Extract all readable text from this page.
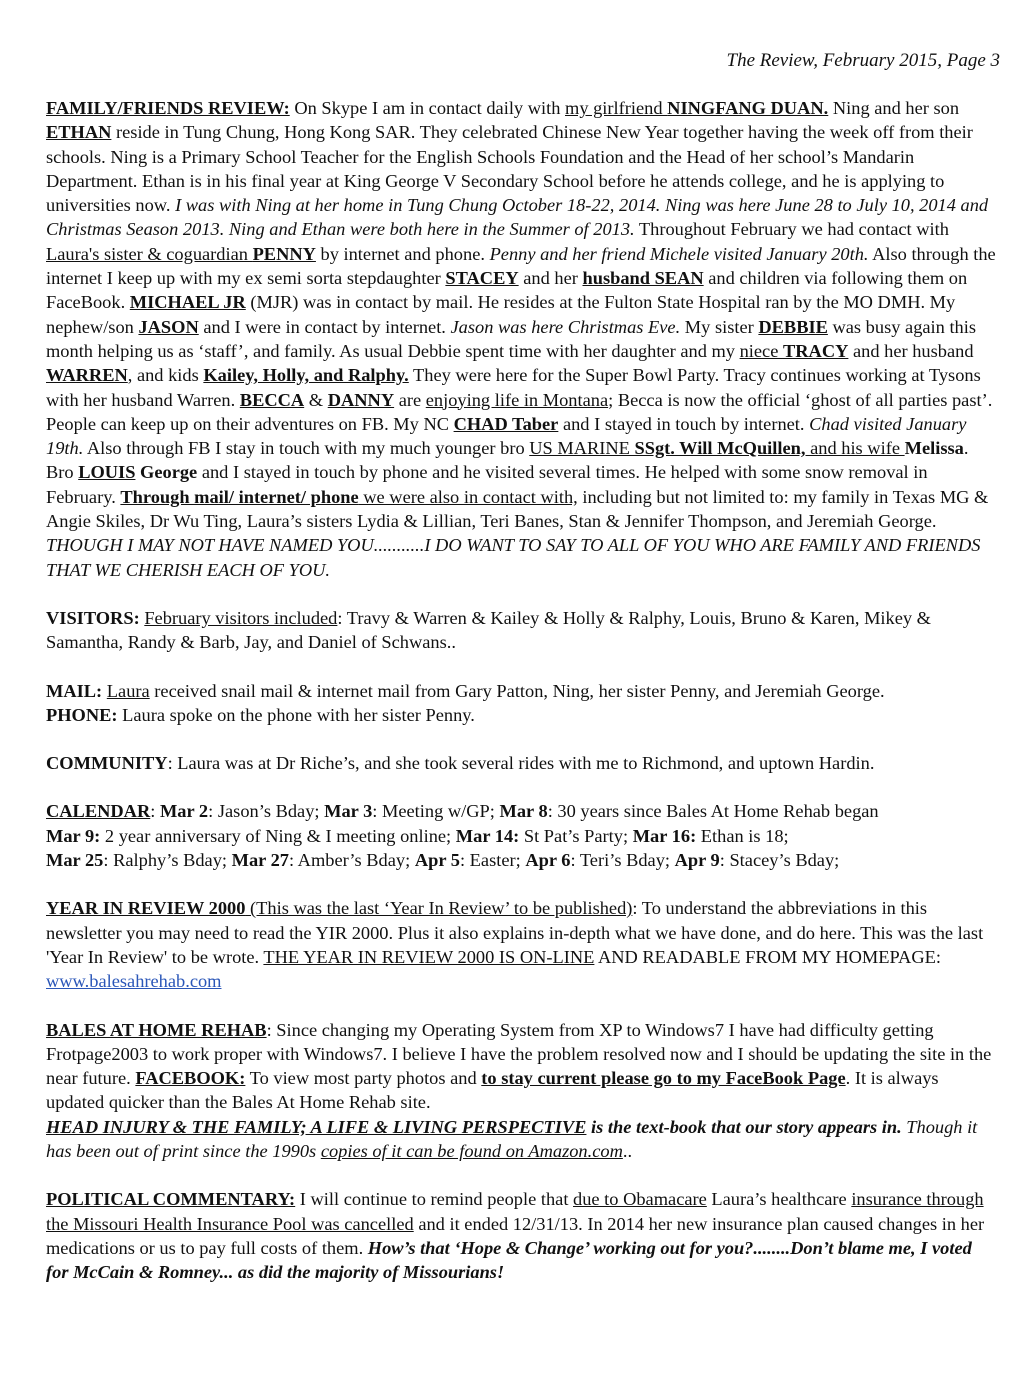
The Review, February 2015, Page 3

FAMILY/FRIENDS REVIEW: On Skype I am in contact daily with my girlfriend NINGFANG DUAN. Ning and her son ETHAN reside in Tung Chung, Hong Kong SAR. They celebrated Chinese New Year together having the week off from their schools. Ning is a Primary School Teacher for the English Schools Foundation and the Head of her school’s Mandarin Department. Ethan is in his final year at King George V Secondary School before he attends college, and he is applying to universities now. I was with Ning at her home in Tung Chung October 18-22, 2014. Ning was here June 28 to July 10, 2014 and Christmas Season 2013. Ning and Ethan were both here in the Summer of 2013. Throughout February we had contact with Laura's sister & coguardian PENNY by internet and phone. Penny and her friend Michele visited January 20th. Also through the internet I keep up with my ex semi sorta stepdaughter STACEY and her husband SEAN and children via following them on FaceBook. MICHAEL JR (MJR) was in contact by mail. He resides at the Fulton State Hospital ran by the MO DMH. My nephew/son JASON and I were in contact by internet. Jason was here Christmas Eve. My sister DEBBIE was busy again this month helping us as ‘staff’, and family. As usual Debbie spent time with her daughter and my niece TRACY and her husband WARREN, and kids Kailey, Holly, and Ralphy. They were here for the Super Bowl Party. Tracy continues working at Tysons with her husband Warren. BECCA & DANNY are enjoying life in Montana; Becca is now the official ‘ghost of all parties past’. People can keep up on their adventures on FB. My NC CHAD Taber and I stayed in touch by internet. Chad visited January 19th. Also through FB I stay in touch with my much younger bro US MARINE SSgt. Will McQuillen, and his wife Melissa. Bro LOUIS George and I stayed in touch by phone and he visited several times. He helped with some snow removal in February. Through mail/ internet/ phone we were also in contact with, including but not limited to: my family in Texas MG & Angie Skiles, Dr Wu Ting, Laura’s sisters Lydia & Lillian, Teri Banes, Stan & Jennifer Thompson, and Jeremiah George. THOUGH I MAY NOT HAVE NAMED YOU...........I DO WANT TO SAY TO ALL OF YOU WHO ARE FAMILY AND FRIENDS THAT WE CHERISH EACH OF YOU.

VISITORS: February visitors included: Travy & Warren & Kailey & Holly & Ralphy, Louis, Bruno & Karen, Mikey & Samantha, Randy & Barb, Jay, and Daniel of Schwans..

MAIL: Laura received snail mail & internet mail from Gary Patton, Ning, her sister Penny, and Jeremiah George.
PHONE: Laura spoke on the phone with her sister Penny.

COMMUNITY: Laura was at Dr Riche’s, and she took several rides with me to Richmond, and uptown Hardin.

CALENDAR: Mar 2: Jason’s Bday; Mar 3: Meeting w/GP; Mar 8: 30 years since Bales At Home Rehab began
Mar 9: 2 year anniversary of Ning & I meeting online; Mar 14: St Pat’s Party; Mar 16: Ethan is 18;
Mar 25: Ralphy’s Bday; Mar 27: Amber’s Bday; Apr 5: Easter; Apr 6: Teri’s Bday; Apr 9: Stacey’s Bday;

YEAR IN REVIEW 2000 (This was the last ‘Year In Review’ to be published): To understand the abbreviations in this newsletter you may need to read the YIR 2000. Plus it also explains in-depth what we have done, and do here. This was the last 'Year In Review' to be wrote. THE YEAR IN REVIEW 2000 IS ON-LINE AND READABLE FROM MY HOMEPAGE: www.balesahrehab.com

BALES AT HOME REHAB: Since changing my Operating System from XP to Windows7 I have had difficulty getting Frotpage2003 to work proper with Windows7. I believe I have the problem resolved now and I should be updating the site in the near future. FACEBOOK: To view most party photos and to stay current please go to my FaceBook Page. It is always updated quicker than the Bales At Home Rehab site.
HEAD INJURY & THE FAMILY; A LIFE & LIVING PERSPECTIVE is the text-book that our story appears in. Though it has been out of print since the 1990s copies of it can be found on Amazon.com..

POLITICAL COMMENTARY: I will continue to remind people that due to Obamacare Laura’s healthcare insurance through the Missouri Health Insurance Pool was cancelled and it ended 12/31/13. In 2014 her new insurance plan caused changes in her medications or us to pay full costs of them. How’s that ‘Hope & Change’ working out for you?........Don’t blame me, I voted for McCain & Romney... as did the majority of Missourians!
